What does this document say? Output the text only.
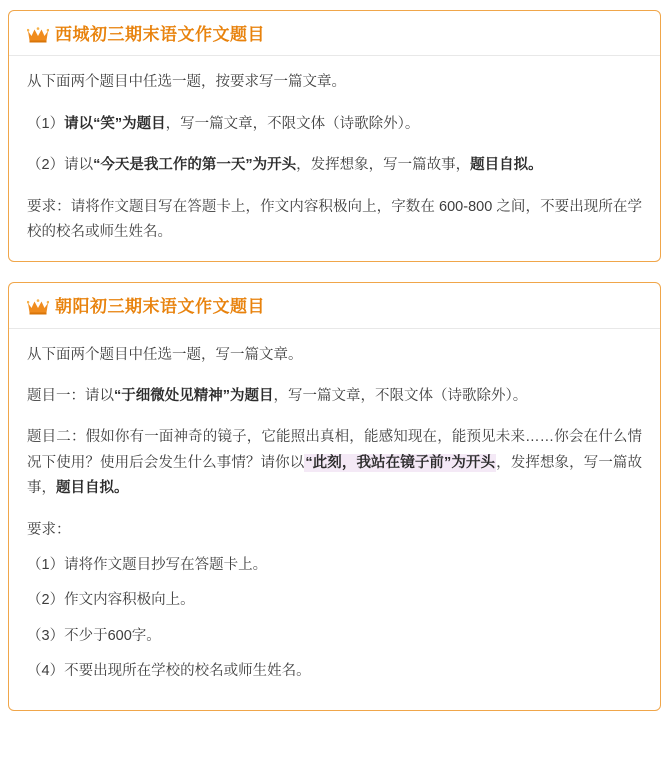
西城初三期末语文作文题目

从下面两个题目中任选一题，按要求写一篇文章。

（1）请以“笑”为题目，写一篇文章，不限文体（诗歌除外）。

（2）请以“今天是我工作的第一天”为开头，发挥想象，写一篇故事，题目自拟。

要求：请将作文题目写在答题卡上，作文内容积极向上，字数在 600-800 之间，不要出现所在学校的校名或师生姓名。

朝阳初三期末语文作文题目

从下面两个题目中任选一题，写一篇文章。

题目一：请以“于细微处见精神”为题目，写一篇文章，不限文体（诗歌除外）。

题目二：假如你有一面神奇的镜子，它能照出真相，能感知现在，能预见未来……你会在什么情况下使用？使用后会发生什么事情？请你以“此刻，我站在镜子前”为开头，发挥想象，写一篇故事，题目自拟。

要求：

（1）请将作文题目抄写在答题卡上。

（2）作文内容积极向上。

（3）不少于600字。

（4）不要出现所在学校的校名或师生姓名。
